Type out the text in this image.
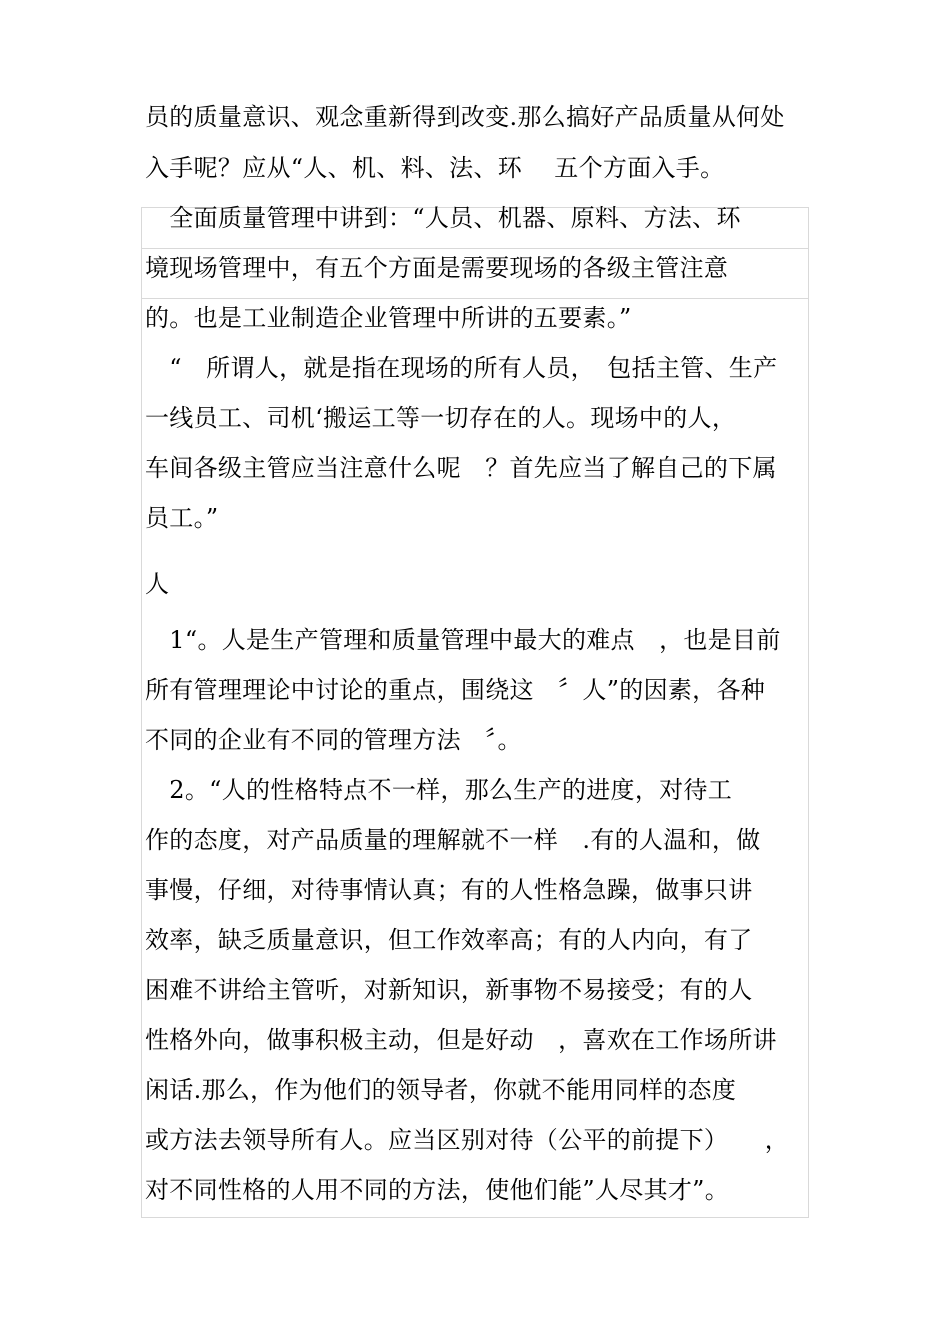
员的质量意识、观念重新得到改变.那么搞好产品质量从何处
入手呢？应从“人、机、料、法、环　 五个方面入手。
　全面质量管理中讲到：“人员、机器、原料、方法、环
境现场管理中，有五个方面是需要现场的各级主管注意
的。也是工业制造企业管理中所讲的五要素。”
　“　所谓人，就是指在现场的所有人员，　包括主管、生产
一线员工、司机‘搬运工等一切存在的人。现场中的人，
车间各级主管应当注意什么呢　？首先应当了解自己的下属
员工。”
人
　1“。人是生产管理和质量管理中最大的难点　，也是目前
所有管理理论中讨论的重点，围绕这　〞人”的因素，各种
不同的企业有不同的管理方法　〞。
　2。“人的性格特点不一样，那么生产的进度，对待工
作的态度，对产品质量的理解就不一样　.有的人温和，做
事慢，仔细，对待事情认真；有的人性格急躁，做事只讲
效率，缺乏质量意识，但工作效率高；有的人内向，有了
困难不讲给主管听，对新知识，新事物不易接受；有的人
性格外向，做事积极主动，但是好动　，喜欢在工作场所讲
闲话.那么，作为他们的领导者，你就不能用同样的态度
或方法去领导所有人。应当区别对待（公平的前提下）　　，
对不同性格的人用不同的方法，使他们能”人尽其才”。
